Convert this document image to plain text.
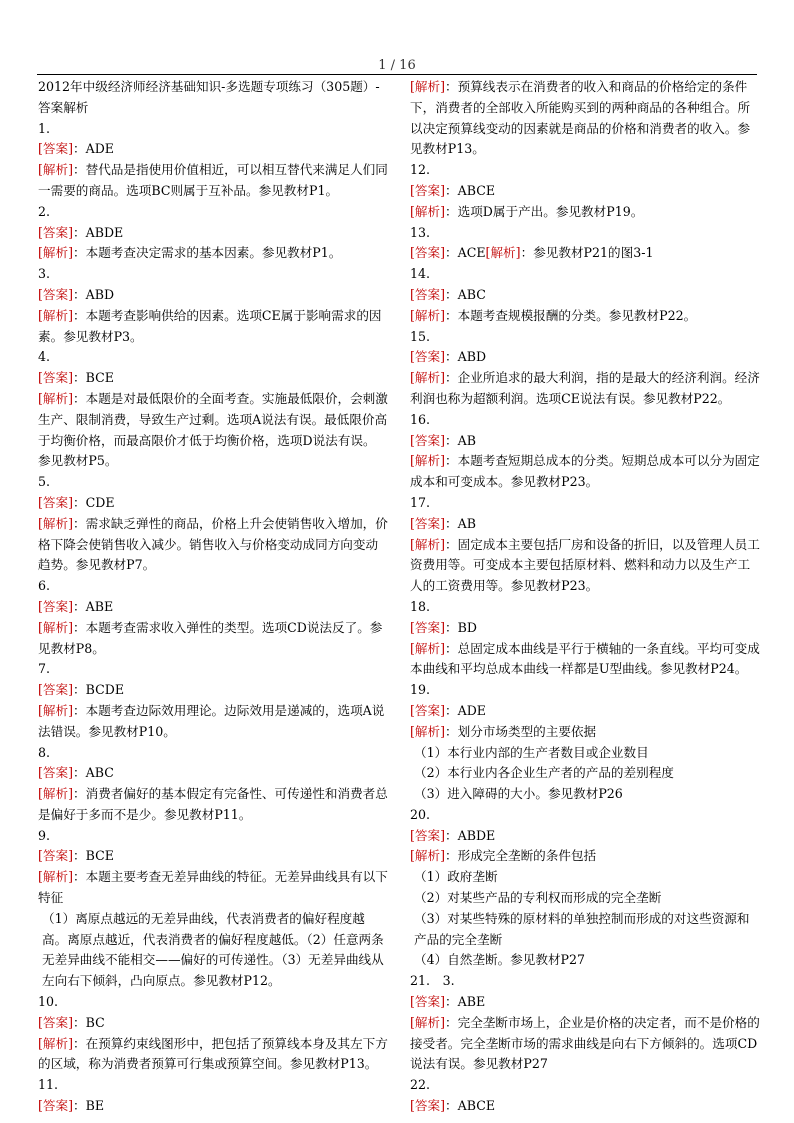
1 / 16

2012年中级经济师经济基础知识-多选题专项练习（305题）-答案解析

1.

[答案]：ADE

[解析]：替代品是指使用价值相近，可以相互替代来满足人们同一需要的商品。选项BC则属于互补品。参见教材P1。

2.

[答案]：ABDE

[解析]：本题考查决定需求的基本因素。参见教材P1。

3.

[答案]：ABD

[解析]：本题考查影响供给的因素。选项CE属于影响需求的因素。参见教材P3。

4.

[答案]：BCE

[解析]：本题是对最低限价的全面考查。实施最低限价，会刺激生产、限制消费，导致生产过剩。选项A说法有误。最低限价高于均衡价格，而最高限价才低于均衡价格，选项D说法有误。参见教材P5。

5.

[答案]：CDE

[解析]：需求缺乏弹性的商品，价格上升会使销售收入增加，价格下降会使销售收入减少。销售收入与价格变动成同方向变动趋势。参见教材P7。

6.

[答案]：ABE

[解析]：本题考查需求收入弹性的类型。选项CD说法反了。参见教材P8。

7.

[答案]：BCDE

[解析]：本题考查边际效用理论。边际效用是递减的，选项A说法错误。参见教材P10。

8.

[答案]：ABC

[解析]：消费者偏好的基本假定有完备性、可传递性和消费者总是偏好于多而不是少。参见教材P11。

9.

[答案]：BCE

[解析]：本题主要考查无差异曲线的特征。无差异曲线具有以下特征

（1）离原点越远的无差异曲线，代表消费者的偏好程度越高。离原点越近，代表消费者的偏好程度越低。（2）任意两条无差异曲线不能相交——偏好的可传递性。（3）无差异曲线从左向右下倾斜，凸向原点。参见教材P12。

10.

[答案]：BC

[解析]：在预算约束线图形中，把包括了预算线本身及其左下方的区域，称为消费者预算可行集或预算空间。参见教材P13。

11.

[答案]：BE

[解析]：预算线表示在消费者的收入和商品的价格给定的条件下，消费者的全部收入所能购买到的两种商品的各种组合。所以决定预算线变动的因素就是商品的价格和消费者的收入。参见教材P13。

12.

[答案]：ABCE

[解析]：选项D属于产出。参见教材P19。

13.

[答案]：ACE[解析]：参见教材P21的图3-1

14.

[答案]：ABC

[解析]：本题考查规模报酬的分类。参见教材P22。

15.

[答案]：ABD

[解析]：企业所追求的最大利润，指的是最大的经济利润。经济利润也称为超额利润。选项CE说法有误。参见教材P22。

16.

[答案]：AB

[解析]：本题考查短期总成本的分类。短期总成本可以分为固定成本和可变成本。参见教材P23。

17.

[答案]：AB

[解析]：固定成本主要包括厂房和设备的折旧，以及管理人员工资费用等。可变成本主要包括原材料、燃料和动力以及生产工人的工资费用等。参见教材P23。

18.

[答案]：BD

[解析]：总固定成本曲线是平行于横轴的一条直线。平均可变成本曲线和平均总成本曲线一样都是U型曲线。参见教材P24。

19.

[答案]：ADE

[解析]：划分市场类型的主要依据

（1）本行业内部的生产者数目或企业数目

（2）本行业内各企业生产者的产品的差别程度

（3）进入障碍的大小。参见教材P26

20.

[答案]：ABDE

[解析]：形成完全垄断的条件包括

（1）政府垄断

（2）对某些产品的专利权而形成的完全垄断

（3）对某些特殊的原材料的单独控制而形成的对这些资源和产品的完全垄断

（4）自然垄断。参见教材P27

21.　3.

[答案]：ABE

[解析]：完全垄断市场上，企业是价格的决定者，而不是价格的接受者。完全垄断市场的需求曲线是向右下方倾斜的。选项CD说法有误。参见教材P27

22.

[答案]：ABCE
